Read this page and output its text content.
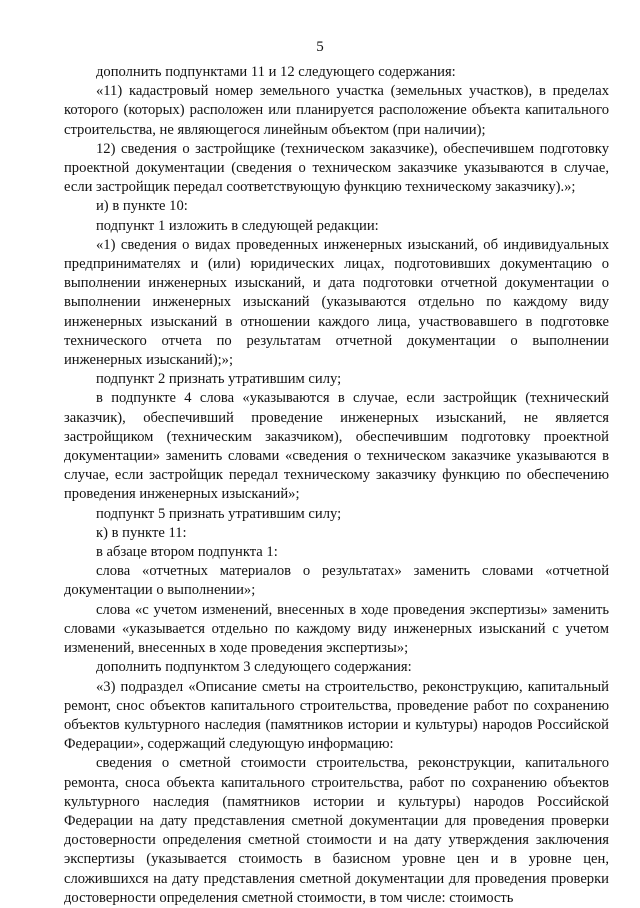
5

дополнить подпунктами 11 и 12 следующего содержания:

«11) кадастровый номер земельного участка (земельных участков), в пределах которого (которых) расположен или планируется расположение объекта капитального строительства, не являющегося линейным объектом (при наличии);

12) сведения о застройщике (техническом заказчике), обеспечившем подготовку проектной документации (сведения о техническом заказчике указываются в случае, если застройщик передал соответствующую функцию техническому заказчику).»;

и) в пункте 10:

подпункт 1 изложить в следующей редакции:

«1) сведения о видах проведенных инженерных изысканий, об индивидуальных предпринимателях и (или) юридических лицах, подготовивших документацию о выполнении инженерных изысканий, и дата подготовки отчетной документации о выполнении инженерных изысканий (указываются отдельно по каждому виду инженерных изысканий в отношении каждого лица, участвовавшего в подготовке технического отчета по результатам отчетной документации о выполнении инженерных изысканий);»;

подпункт 2 признать утратившим силу;

в подпункте 4 слова «указываются в случае, если застройщик (технический заказчик), обеспечивший проведение инженерных изысканий, не является застройщиком (техническим заказчиком), обеспечившим подготовку проектной документации» заменить словами «сведения о техническом заказчике указываются в случае, если застройщик передал техническому заказчику функцию по обеспечению проведения инженерных изысканий»;

подпункт 5 признать утратившим силу;

к) в пункте 11:

в абзаце втором подпункта 1:

слова «отчетных материалов о результатах» заменить словами «отчетной документации о выполнении»;

слова «с учетом изменений, внесенных в ходе проведения экспертизы» заменить словами «указывается отдельно по каждому виду инженерных изысканий с учетом изменений, внесенных в ходе проведения экспертизы»;

дополнить подпунктом 3 следующего содержания:

«3) подраздел «Описание сметы на строительство, реконструкцию, капитальный ремонт, снос объектов капитального строительства, проведение работ по сохранению объектов культурного наследия (памятников истории и культуры) народов Российской Федерации», содержащий следующую информацию:

сведения о сметной стоимости строительства, реконструкции, капитального ремонта, сноса объекта капитального строительства, работ по сохранению объектов культурного наследия (памятников истории и культуры) народов Российской Федерации на дату представления сметной документации для проведения проверки достоверности определения сметной стоимости и на дату утверждения заключения экспертизы (указывается стоимость в базисном уровне цен и в уровне цен, сложившихся на дату представления сметной документации для проведения проверки достоверности определения сметной стоимости, в том числе: стоимость
